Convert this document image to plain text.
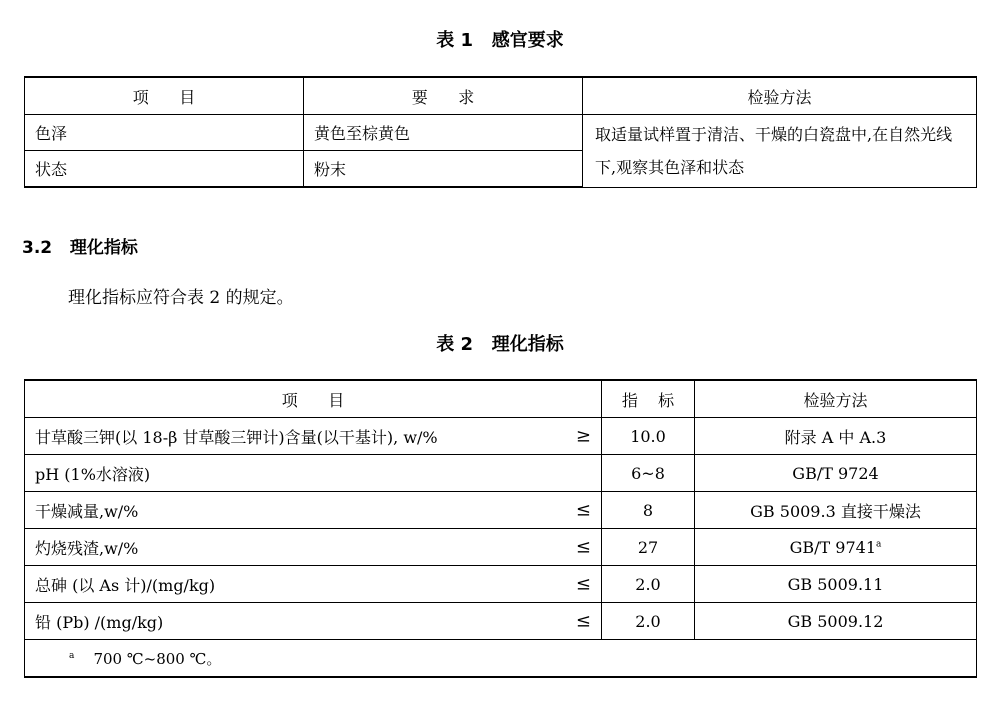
表 1   感官要求
项      目	要      求	检验方法
色泽	黄色至棕黄色	取适量试样置于清洁、干燥的白瓷盘中,在自然光线下,观察其色泽和状态
状态	粉末	
3.2   理化指标
理化指标应符合表 2 的规定。
表 2   理化指标
项      目	指    标	检验方法
甘草酸三钾(以 18-β 甘草酸三钾计)含量(以干基计), w/% ≥	10.0	附录 A 中 A.3
pH (1%水溶液)	6~8	GB/T 9724
干燥减量,w/% ≤	8	GB 5009.3 直接干燥法
灼烧残渣,w/% ≤	27	GB/T 9741$^a$
总砷 (以 As 计)/(mg/kg) ≤	2.0	GB 5009.11
铅 (Pb) /(mg/kg) ≤	2.0	GB 5009.12
$^a$ 700 ℃~800 ℃。		
